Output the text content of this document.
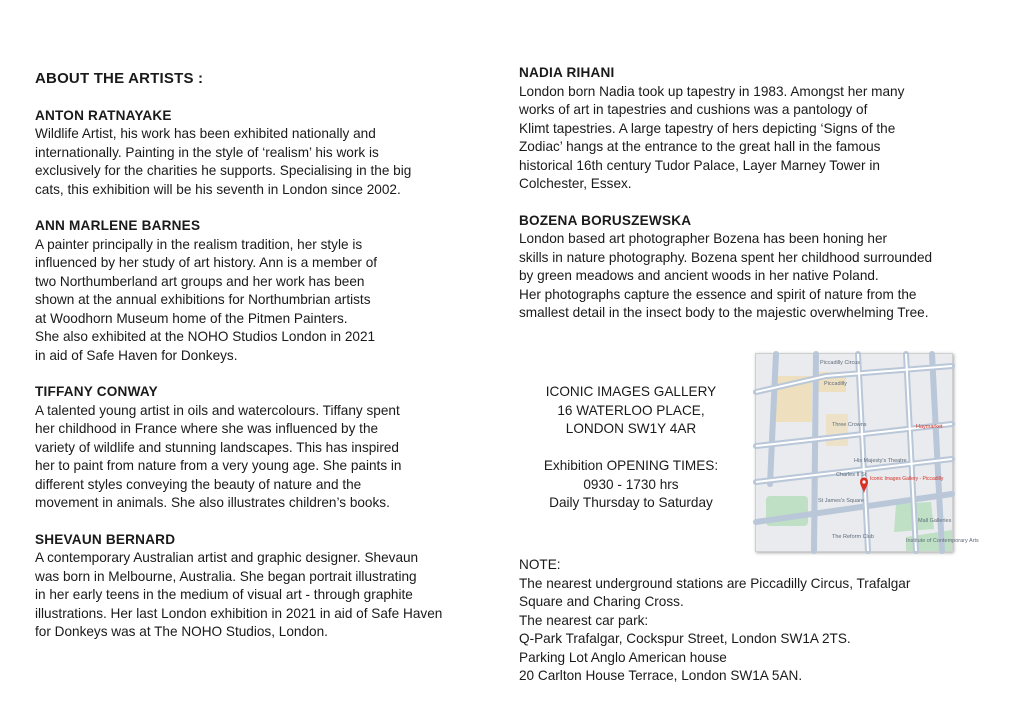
ABOUT THE ARTISTS :
ANTON RATNAYAKE

Wildlife Artist, his work has been exhibited nationally and
internationally. Painting in the style of ‘realism’ his work is
exclusively for the charities he supports. Specialising in the big
cats, this exhibition will be his seventh in London since 2002.

ANN MARLENE BARNES

A painter principally in the realism tradition, her style is
influenced by her study of art history. Ann is a member of
two Northumberland art groups and her work has been
shown at the annual exhibitions for Northumbrian artists
at Woodhorn Museum home of the Pitmen Painters.
She also exhibited at the NOHO Studios London in 2021
in aid of Safe Haven for Donkeys.

TIFFANY CONWAY

A talented young artist in oils and watercolours. Tiffany spent
her childhood in France where she was influenced by the
variety of wildlife and stunning landscapes. This has inspired
her to paint from nature from a very young age. She paints in
different styles conveying the beauty of nature and the
movement in animals. She also illustrates children’s books.

SHEVAUN BERNARD

A contemporary Australian artist and graphic designer. Shevaun
was born in Melbourne, Australia. She began portrait illustrating
in her early teens in the medium of visual art - through graphite
illustrations. Her last London exhibition in 2021 in aid of Safe Haven
for Donkeys was at The NOHO Studios, London.

NADIA RIHANI

London born Nadia took up tapestry in 1983. Amongst her many
works of art in tapestries and cushions was a pantology of
Klimt tapestries. A large tapestry of hers depicting ‘Signs of the
Zodiac’ hangs at the entrance to the great hall in the famous
historical 16th century Tudor Palace, Layer Marney Tower in
Colchester, Essex.

BOZENA BORUSZEWSKA

London based art photographer Bozena has been honing her
skills in nature photography. Bozena spent her childhood surrounded
by green meadows and ancient woods in her native Poland.
Her photographs capture the essence and spirit of nature from the
smallest detail in the insect body to the majestic overwhelming Tree.

ICONIC IMAGES GALLERY
16 WATERLOO PLACE,
LONDON SW1Y 4AR
Exhibition OPENING TIMES:
0930 - 1730 hrs
Daily Thursday to Saturday
Piccadilly Circus
Piccadilly
Three Crowns
His Majesty's Theatre
Haymarket
St James's Square
Charles II St
The Reform Club
Institute of Contemporary Arts
Mall Galleries
Iconic Images Gallery - Piccadilly
NOTE:
The nearest underground stations are Piccadilly Circus, Trafalgar
Square and Charing Cross.
The nearest car park:
Q-Park Trafalgar, Cockspur Street, London SW1A 2TS.
Parking Lot Anglo American house
20 Carlton House Terrace, London SW1A 5AN.
